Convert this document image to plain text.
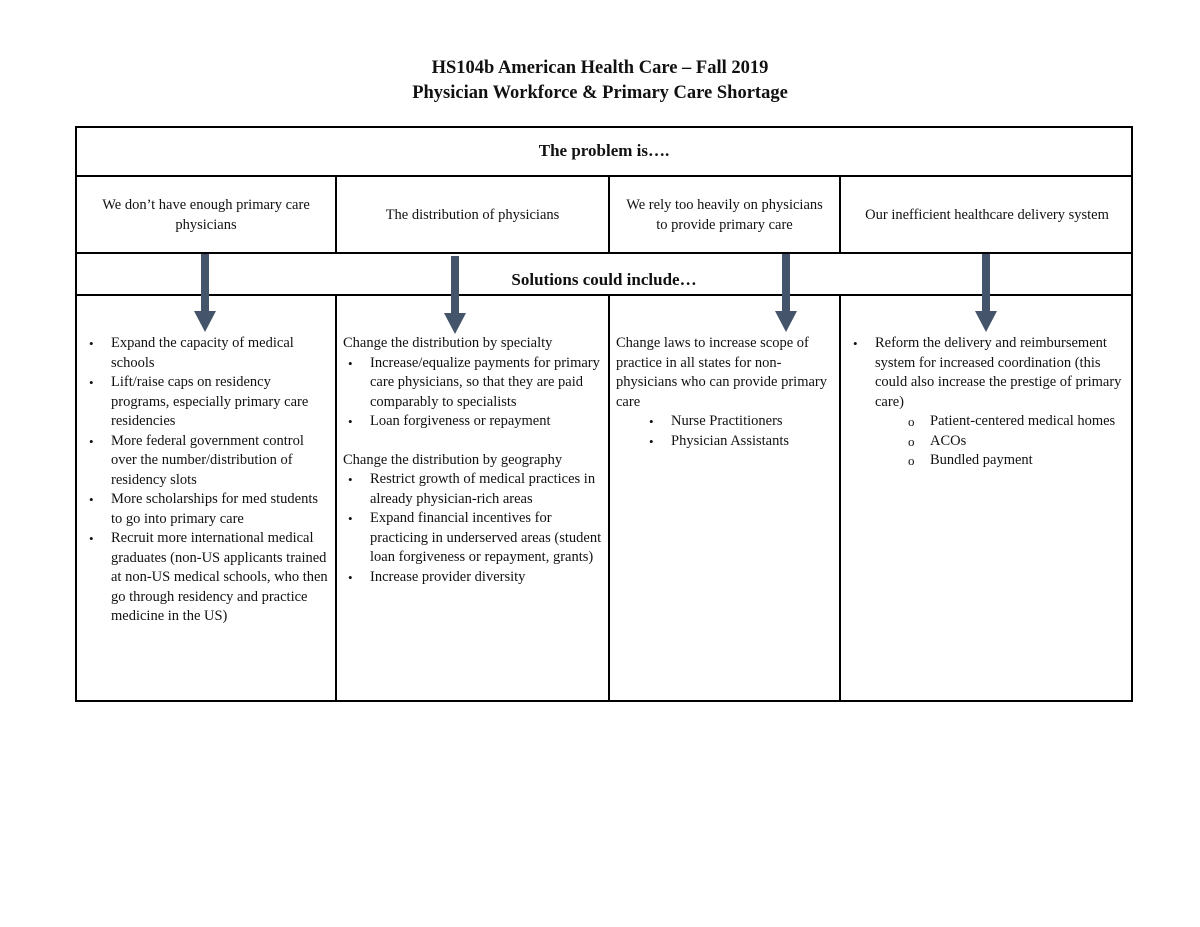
HS104b American Health Care – Fall 2019
Physician Workforce & Primary Care Shortage
The problem is….
We don’t have enough primary care physicians
The distribution of physicians
We rely too heavily on physicians to provide primary care
Our inefficient healthcare delivery system
Solutions could include…
• Expand the capacity of medical schools
• Lift/raise caps on residency programs, especially primary care residencies
• More federal government control over the number/distribution of residency slots
• More scholarships for med students to go into primary care
• Recruit more international medical graduates (non-US applicants trained at non-US medical schools, who then go through residency and practice medicine in the US)

Change the distribution by specialty

• Increase/equalize payments for primary care physicians, so that they are paid comparably to specialists
• Loan forgiveness or repayment

Change the distribution by geography

• Restrict growth of medical practices in already physician-rich areas
• Expand financial incentives for practicing in underserved areas (student loan forgiveness or repayment, grants)
• Increase provider diversity

Change laws to increase scope of practice in all states for non-physicians who can provide primary care

• Nurse Practitioners
• Physician Assistants
• Reform the delivery and reimbursement system for increased coordination (this could also increase the prestige of primary care)
o Patient-centered medical homes
o ACOs
o Bundled payment
